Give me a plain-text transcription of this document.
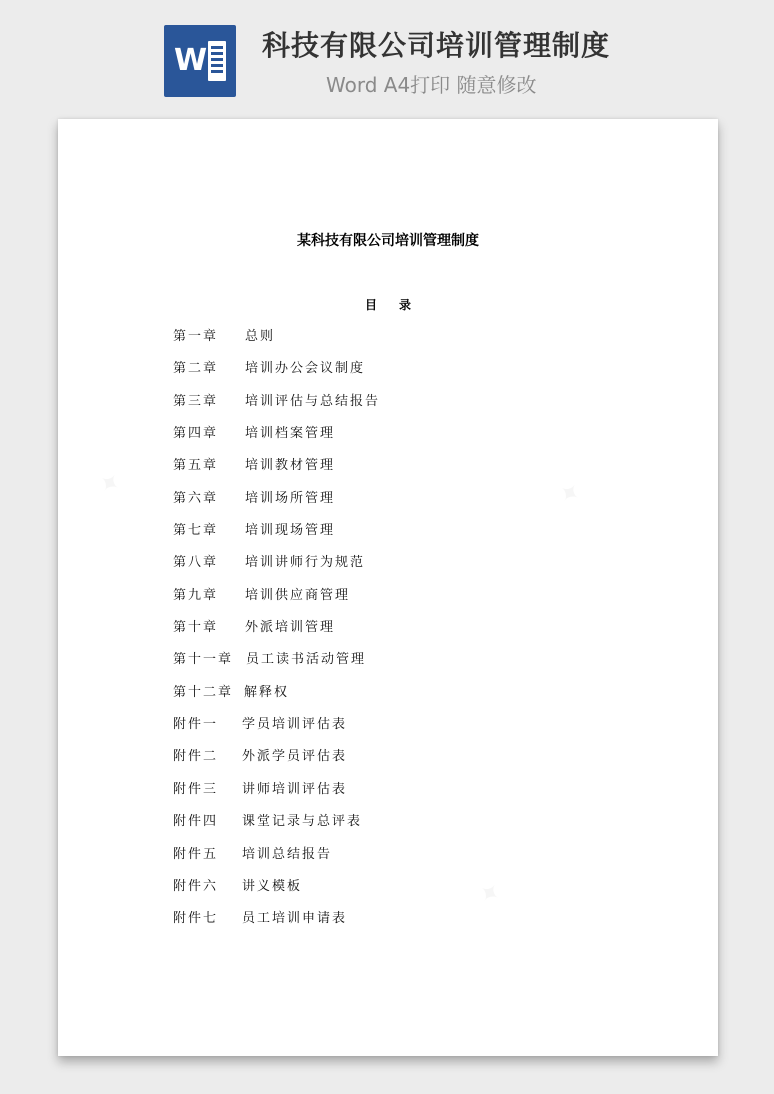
W 科技有限公司培训管理制度
Word A4打印 随意修改
某科技有限公司培训管理制度
目录
第一章 总则
第二章 培训办公会议制度
第三章 培训评估与总结报告
第四章 培训档案管理
第五章 培训教材管理
第六章 培训场所管理
第七章 培训现场管理
第八章 培训讲师行为规范
第九章 培训供应商管理
第十章 外派培训管理
第十一章 员工读书活动管理
第十二章 解释权
附件一 学员培训评估表
附件二 外派学员评估表
附件三 讲师培训评估表
附件四 课堂记录与总评表
附件五 培训总结报告
附件六 讲义模板
附件七 员工培训申请表
